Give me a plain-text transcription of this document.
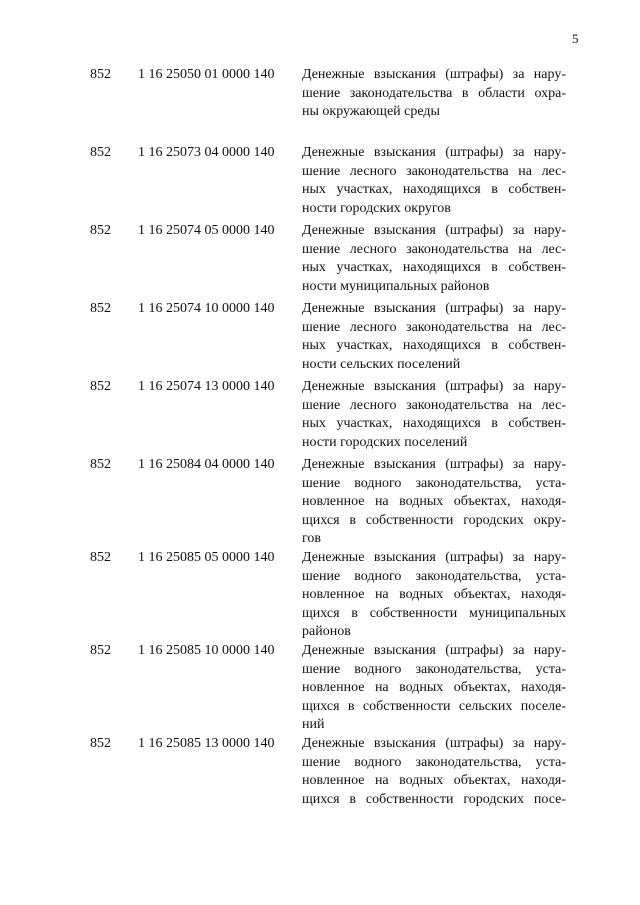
5
852 1 16 25050 01 0000 140 Денежные взыскания (штрафы) за нару-
шение законодательства в области охра-
ны окружающей среды
852 1 16 25073 04 0000 140 Денежные взыскания (штрафы) за нару-
шение лесного законодательства на лес-
ных участках, находящихся в собствен-
ности городских округов
852 1 16 25074 05 0000 140 Денежные взыскания (штрафы) за нару-
шение лесного законодательства на лес-
ных участках, находящихся в собствен-
ности муниципальных районов
852 1 16 25074 10 0000 140 Денежные взыскания (штрафы) за нару-
шение лесного законодательства на лес-
ных участках, находящихся в собствен-
ности сельских поселений
852 1 16 25074 13 0000 140 Денежные взыскания (штрафы) за нару-
шение лесного законодательства на лес-
ных участках, находящихся в собствен-
ности городских поселений
852 1 16 25084 04 0000 140 Денежные взыскания (штрафы) за нару-
шение водного законодательства, уста-
новленное на водных объектах, находя-
щихся в собственности городских окру-
гов
852 1 16 25085 05 0000 140 Денежные взыскания (штрафы) за нару-
шение водного законодательства, уста-
новленное на водных объектах, находя-
щихся в собственности муниципальных
районов
852 1 16 25085 10 0000 140 Денежные взыскания (штрафы) за нару-
шение водного законодательства, уста-
новленное на водных объектах, находя-
щихся в собственности сельских поселе-
ний
852 1 16 25085 13 0000 140 Денежные взыскания (штрафы) за нару-
шение водного законодательства, уста-
новленное на водных объектах, находя-
щихся в собственности городских посе-
